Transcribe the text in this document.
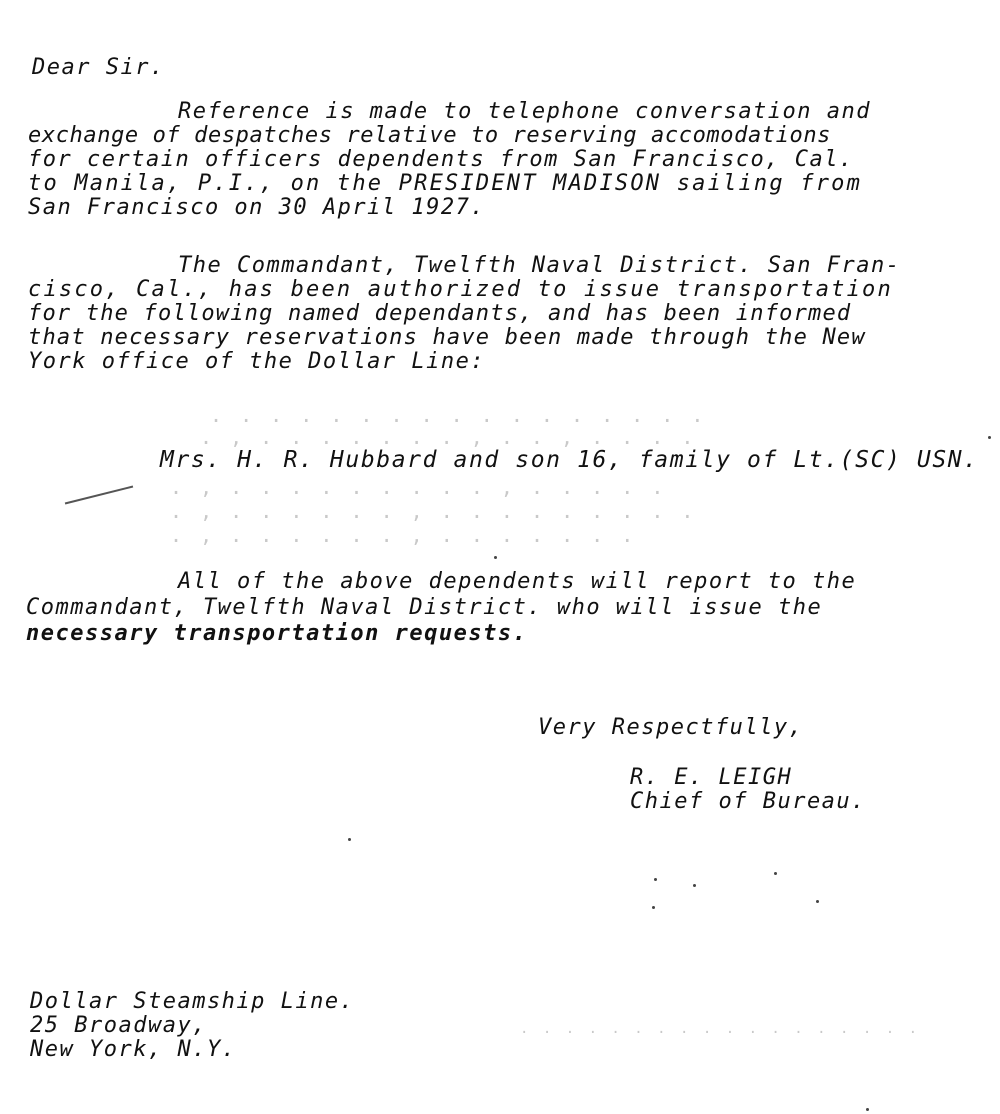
Dear Sir.
Reference is made to telephone conversation and
exchange of despatches relative to reserving accomodations
for certain officers dependents from San Francisco, Cal.
to Manila, P.I., on the PRESIDENT MADISON sailing from
San Francisco on 30 April 1927.
The Commandant, Twelfth Naval District. San Fran-
cisco, Cal., has been authorized to issue transportation
for the following named dependants, and has been informed
that necessary reservations have been made through the New
York office of the Dollar Line:
. . . . . . . . . . . . . . . . .
. , . . . . . . . , . . , . . . .
Mrs. H. R. Hubbard and son 16, family of Lt.(SC) USN.
. , . . . . . . . . . , . . . . .
. , . . . . . . , . . . . . . . . .
. , . . . . . . , . . . . . . .
All of the above dependents will report to the
Commandant, Twelfth Naval District. who will issue the
necessary transportation requests.
Very Respectfully,
R. E. LEIGH
Chief of Bureau.
Dollar Steamship Line.
25 Broadway,
New York, N.Y.
. . . . . . . . . . . . . . . . . .
